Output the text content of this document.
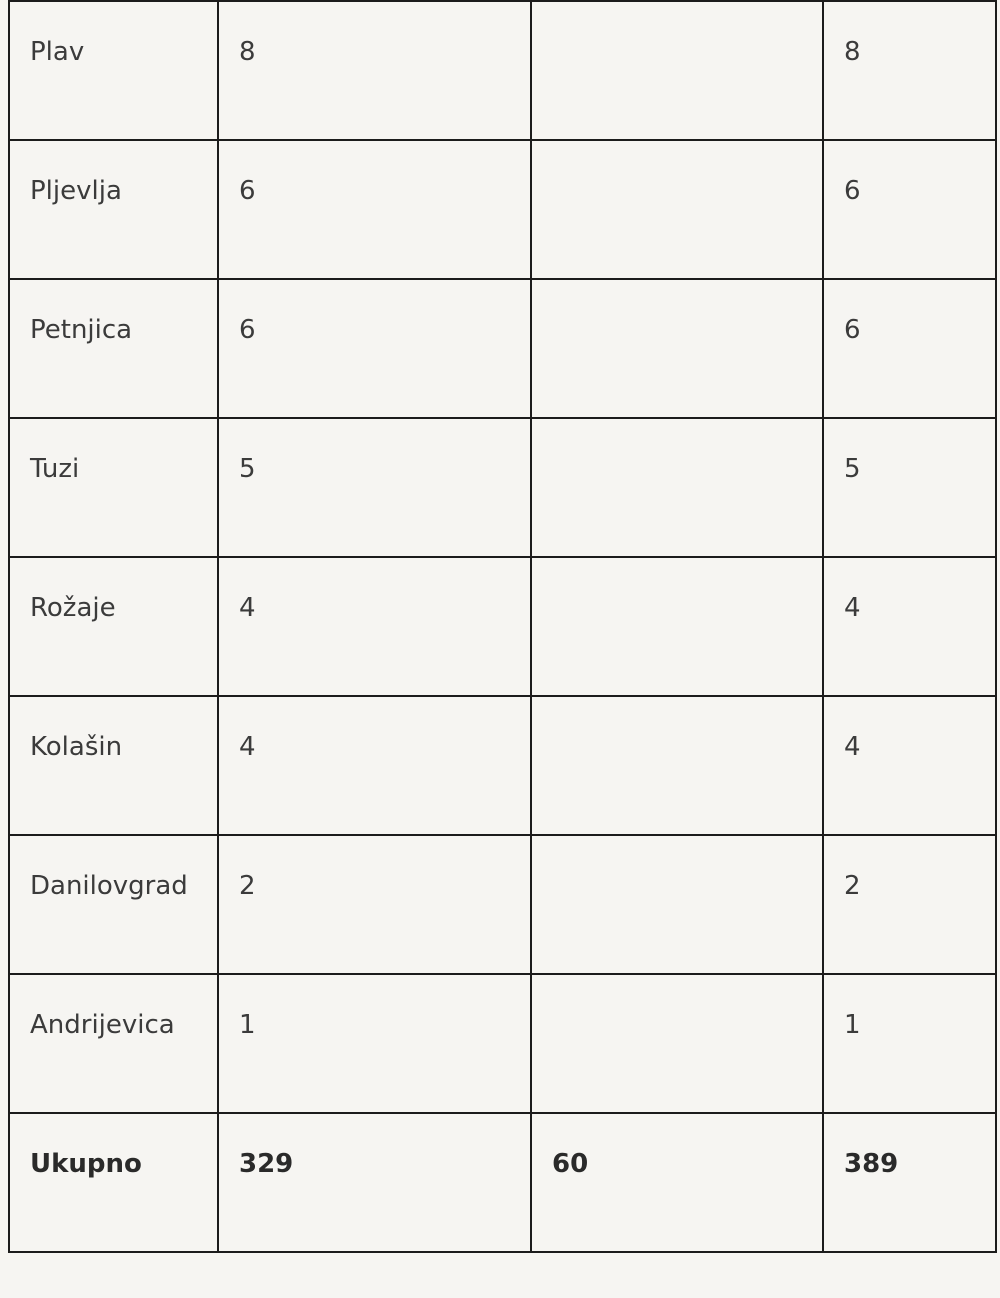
Plav	8		8
Pljevlja	6		6
Petnjica	6		6
Tuzi	5		5
Rožaje	4		4
Kolašin	4		4
Danilovgrad	2		2
Andrijevica	1		1
Ukupno	329	60	389
